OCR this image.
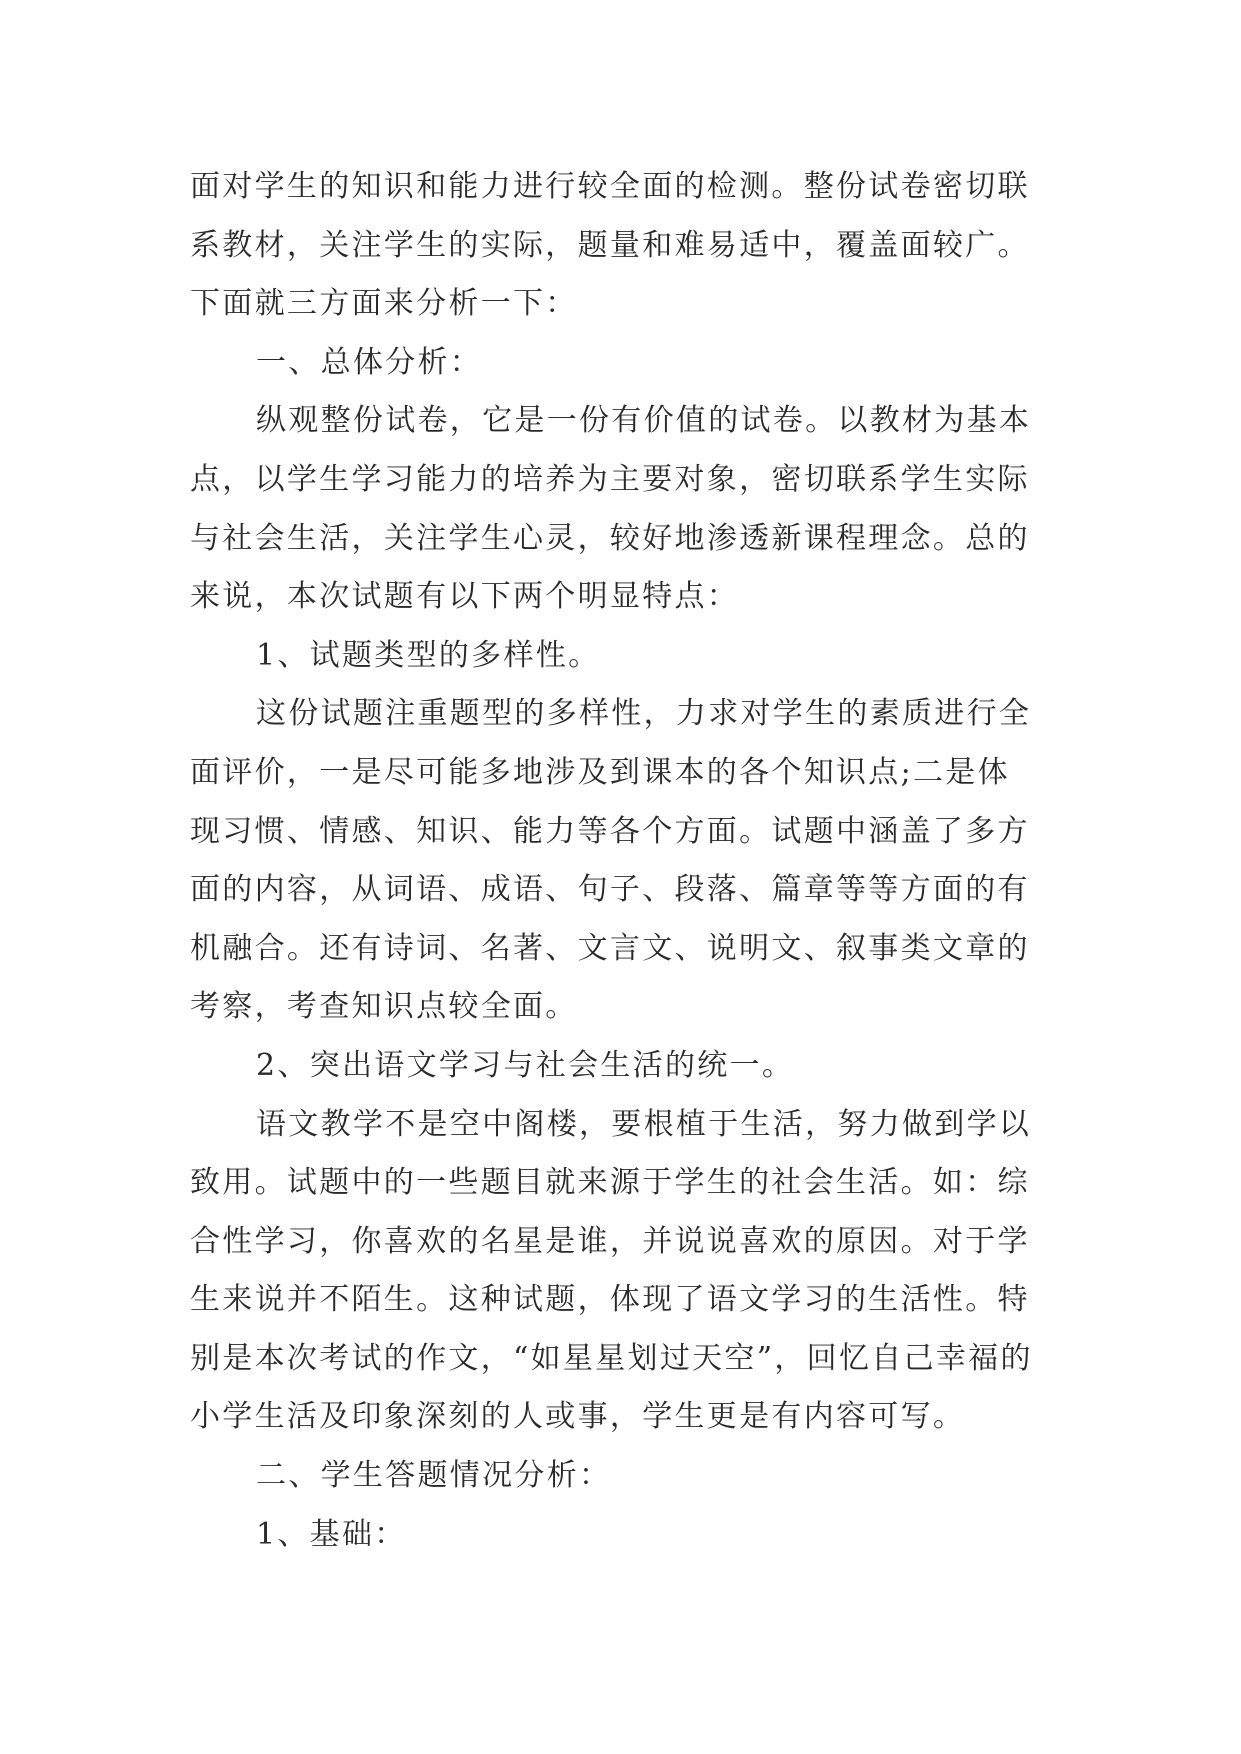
面对学生的知识和能力进行较全面的检测。整份试卷密切联
系教材，关注学生的实际，题量和难易适中，覆盖面较广。
下面就三方面来分析一下：
一、总体分析：
纵观整份试卷，它是一份有价值的试卷。以教材为基本
点，以学生学习能力的培养为主要对象，密切联系学生实际
与社会生活，关注学生心灵，较好地渗透新课程理念。总的
来说，本次试题有以下两个明显特点：
1、试题类型的多样性。
这份试题注重题型的多样性，力求对学生的素质进行全
面评价，一是尽可能多地涉及到课本的各个知识点;二是体
现习惯、情感、知识、能力等各个方面。试题中涵盖了多方
面的内容，从词语、成语、句子、段落、篇章等等方面的有
机融合。还有诗词、名著、文言文、说明文、叙事类文章的
考察，考查知识点较全面。
2、突出语文学习与社会生活的统一。
语文教学不是空中阁楼，要根植于生活，努力做到学以
致用。试题中的一些题目就来源于学生的社会生活。如：综
合性学习，你喜欢的名星是谁，并说说喜欢的原因。对于学
生来说并不陌生。这种试题，体现了语文学习的生活性。特
别是本次考试的作文，“如星星划过天空”，回忆自己幸福的
小学生活及印象深刻的人或事，学生更是有内容可写。
二、学生答题情况分析：
1、基础：
